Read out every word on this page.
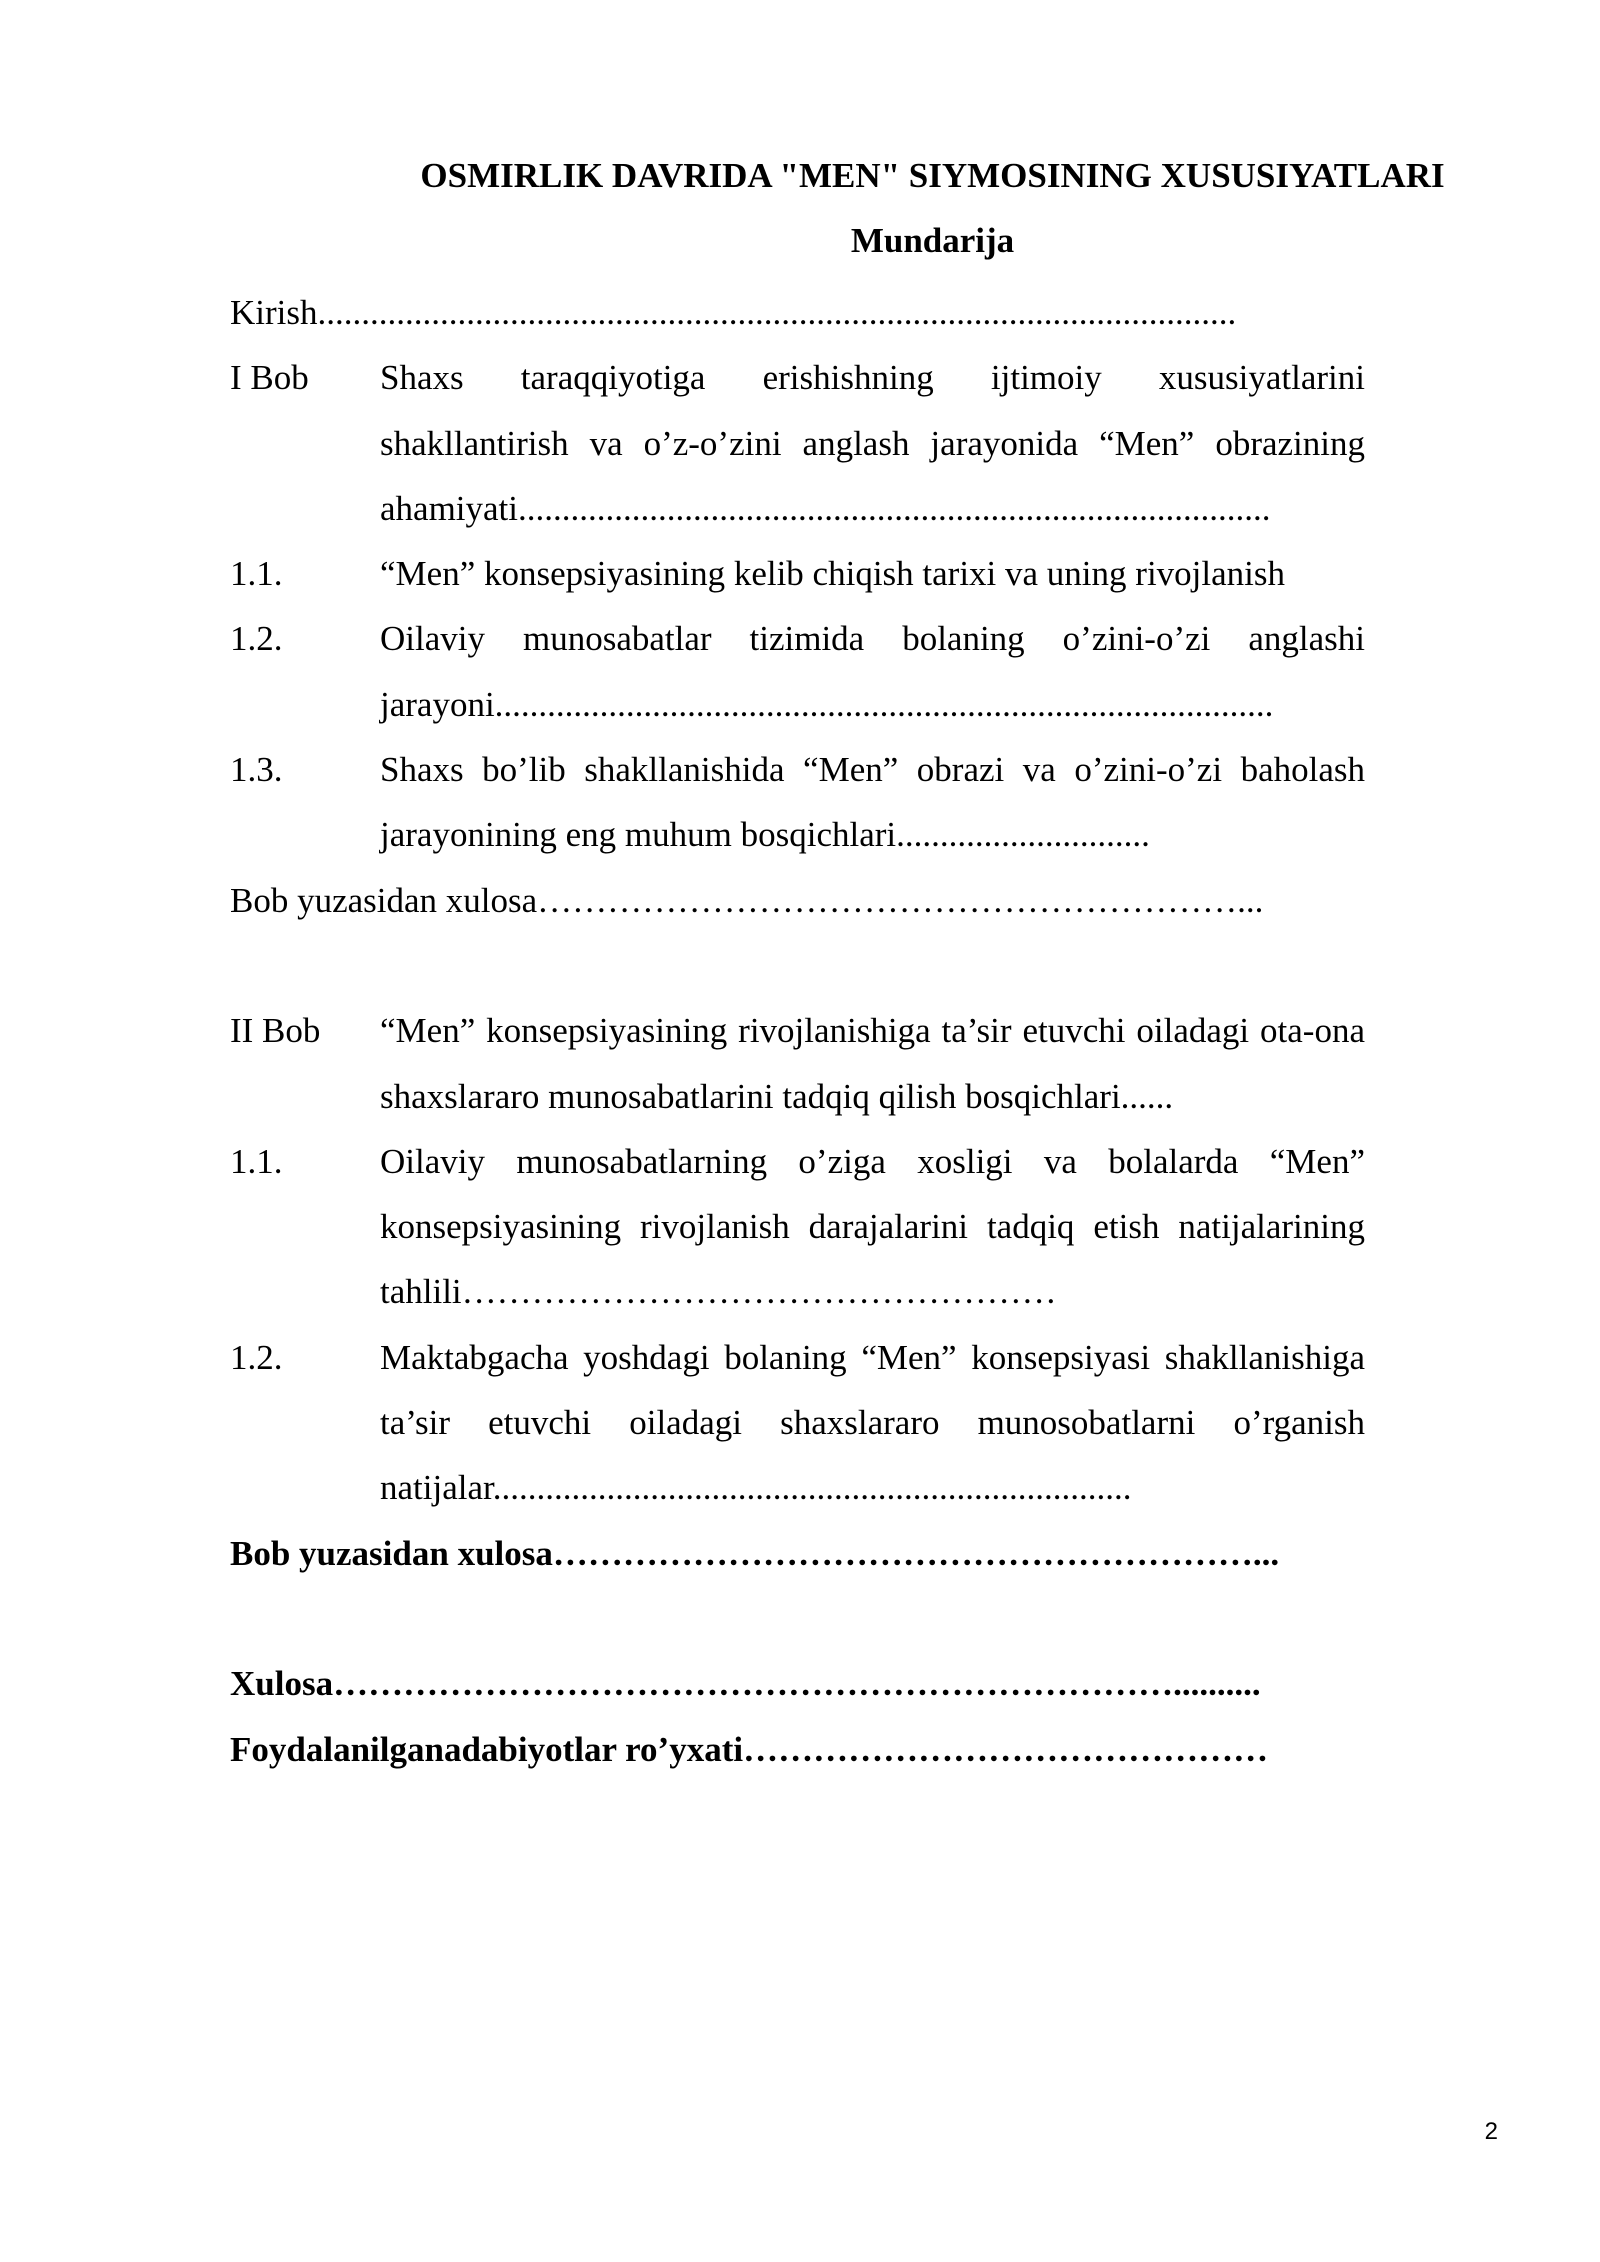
OSMIRLIK DAVRIDA "MEN" SIYMOSINING XUSUSIYATLARI
Mundarija
Kirish.........................................................................................................
I Bob	Shaxs taraqqiyotiga erishishning ijtimoiy xususiyatlarini shakllantirish va o’z-o’zini anglash jarayonida “Men” obrazining ahamiyati......................................................................................
1.1.	“Men” konsepsiyasining kelib chiqish tarixi va uning rivojlanish
1.2.	Oilaviy munosabatlar tizimida bolaning o’zini-o’zi anglashi jarayoni.........................................................................................
1.3.	Shaxs bo’lib shakllanishida “Men” obrazi va o’zini-o’zi baholash jarayonining eng muhum bosqichlari.............................
Bob yuzasidan xulosa……………………………………………………...
II Bob	“Men” konsepsiyasining rivojlanishiga ta’sir etuvchi oiladagi ota-ona shaxslararo munosabatlarini tadqiq qilish bosqichlari......
1.1.	Oilaviy munosabatlarning o’ziga xosligi va bolalarda “Men” konsepsiyasining rivojlanish darajalarini tadqiq etish natijalarining tahlili……………………………………………
1.2.	Maktabgacha yoshdagi bolaning “Men” konsepsiyasi shakllanishiga ta’sir etuvchi oiladagi shaxslararo munosobatlarni o’rganish natijalar.........................................................................
Bob yuzasidan xulosa……………………………………………………...
Xulosa………………………………………………………………..........
Foydalanilganadabiyotlar ro’yxati………………………………………
2
